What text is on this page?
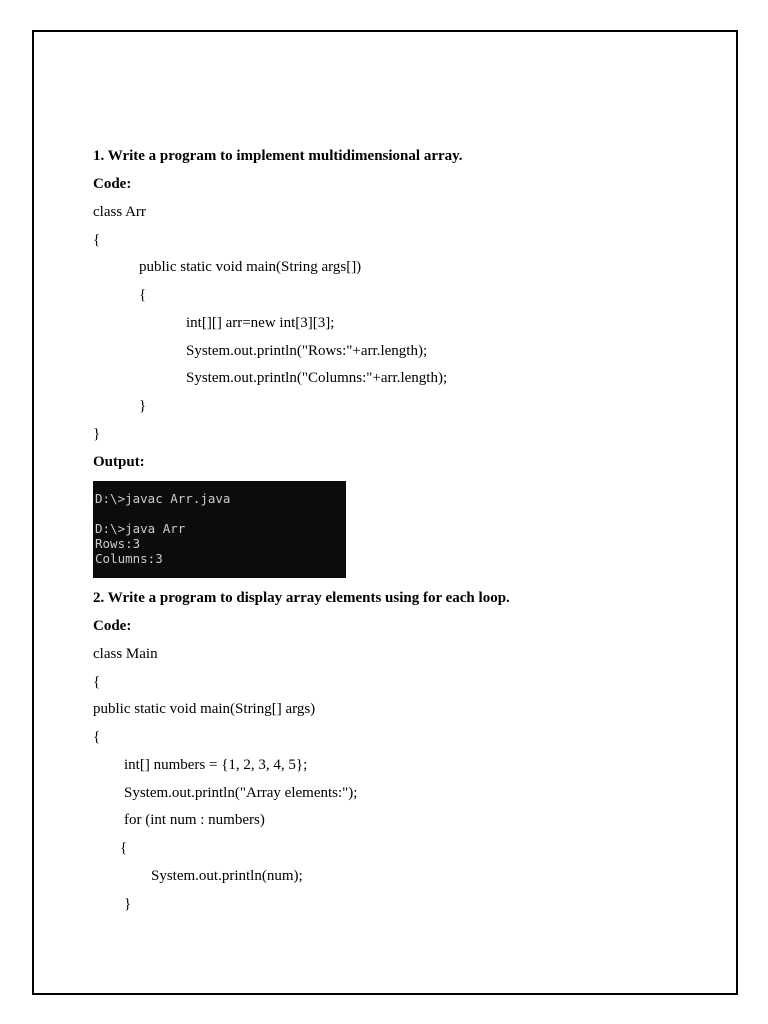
1. Write a program to implement multidimensional array.
Code:
class Arr
{
public static void main(String args[])
{
int[][] arr=new int[3][3];
System.out.println("Rows:"+arr.length);
System.out.println("Columns:"+arr.length);
}
}
Output:
D:\>javac Arr.java
D:\>java Arr
Rows:3
Columns:3
2. Write a program to display array elements using for each loop.
Code:
class Main
{
public static void main(String[] args)
{
int[] numbers = {1, 2, 3, 4, 5};
System.out.println("Array elements:");
for (int num : numbers)
{
System.out.println(num);
}
